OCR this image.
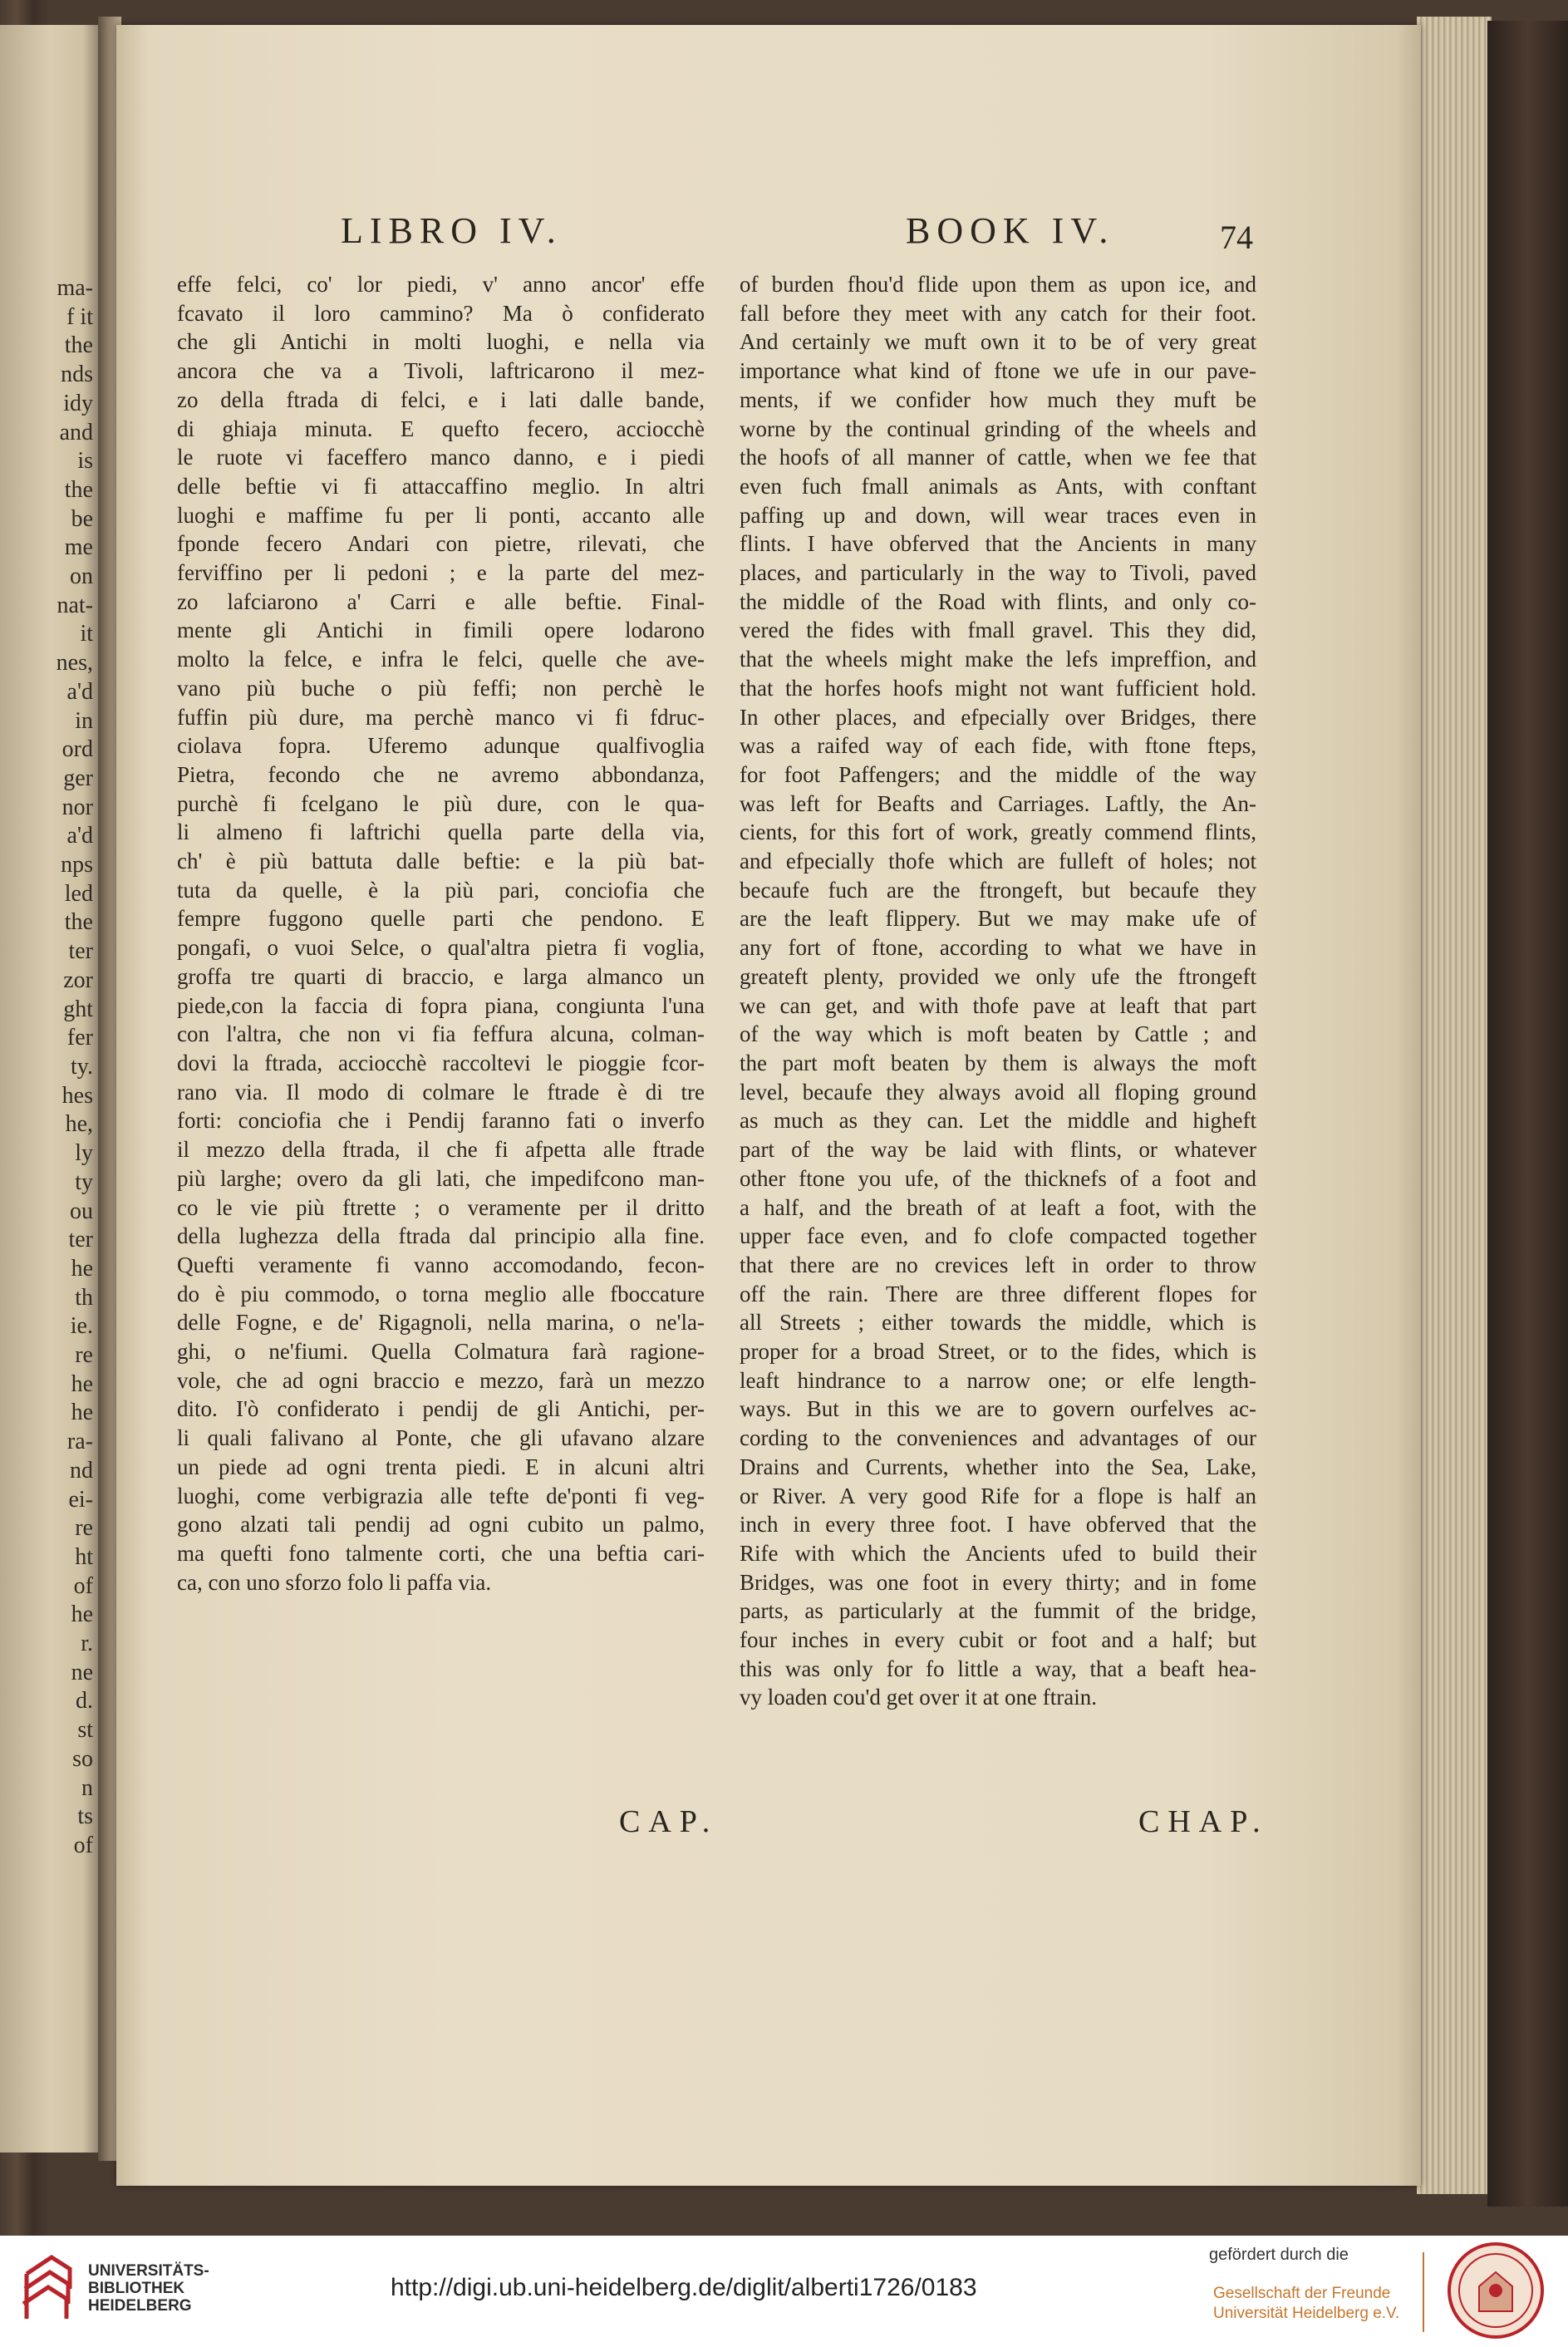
ma-
f it
the
nds
idy
and
is
the
be
me
on
nat-
it
nes,
a'd
in
ord
ger
nor
a'd
nps
led
the
ter
zor
ght
fer
ty.
hes
he,
ly
ty
ou
ter
he
th
ie.
re
he
he
ra-
nd
ei-
re
ht
of
he
r.
ne
d.
st
so
n
ts
of
LIBRO IV.	BOOK IV.	74
effe felci, co' lor piedi, v' anno ancor' effe
fcavato il loro cammino? Ma ò confiderato
che gli Antichi in molti luoghi, e nella via
ancora che va a Tivoli, laftricarono il mez-
zo della ftrada di felci, e i lati dalle bande,
di ghiaja minuta. E quefto fecero, acciocchè
le ruote vi faceffero manco danno, e i piedi
delle beftie vi fi attaccaffino meglio. In altri
luoghi e maffime fu per li ponti, accanto alle
fponde fecero Andari con pietre, rilevati, che
ferviffino per li pedoni ; e la parte del mez-
zo lafciarono a' Carri e alle beftie. Final-
mente gli Antichi in fimili opere lodarono
molto la felce, e infra le felci, quelle che ave-
vano più buche o più feffi; non perchè le
fuffin più dure, ma perchè manco vi fi fdruc-
ciolava fopra. Uferemo adunque qualfivoglia
Pietra, fecondo che ne avremo abbondanza,
purchè fi fcelgano le più dure, con le qua-
li almeno fi laftrichi quella parte della via,
ch' è più battuta dalle beftie: e la più bat-
tuta da quelle, è la più pari, conciofia che
fempre fuggono quelle parti che pendono. E
pongafi, o vuoi Selce, o qual'altra pietra fi voglia,
groffa tre quarti di braccio, e larga almanco un
piede,con la faccia di fopra piana, congiunta l'una
con l'altra, che non vi fia feffura alcuna, colman-
dovi la ftrada, acciocchè raccoltevi le pioggie fcor-
rano via. Il modo di colmare le ftrade è di tre
forti: conciofia che i Pendij faranno fati o inverfo
il mezzo della ftrada, il che fi afpetta alle ftrade
più larghe; overo da gli lati, che impedifcono man-
co le vie più ftrette ; o veramente per il dritto
della lughezza della ftrada dal principio alla fine.
Quefti veramente fi vanno accomodando, fecon-
do è piu commodo, o torna meglio alle fboccature
delle Fogne, e de' Rigagnoli, nella marina, o ne'la-
ghi, o ne'fiumi. Quella Colmatura farà ragione-
vole, che ad ogni braccio e mezzo, farà un mezzo
dito. I'ò confiderato i pendij de gli Antichi, per-
li quali falivano al Ponte, che gli ufavano alzare
un piede ad ogni trenta piedi. E in alcuni altri
luoghi, come verbigrazia alle tefte de'ponti fi veg-
gono alzati tali pendij ad ogni cubito un palmo,
ma quefti fono talmente corti, che una beftia cari-
ca, con uno sforzo folo li paffa via.
of burden fhou'd flide upon them as upon ice, and
fall before they meet with any catch for their foot.
And certainly we muft own it to be of very great
importance what kind of ftone we ufe in our pave-
ments, if we confider how much they muft be
worne by the continual grinding of the wheels and
the hoofs of all manner of cattle, when we fee that
even fuch fmall animals as Ants, with conftant
paffing up and down, will wear traces even in
flints. I have obferved that the Ancients in many
places, and particularly in the way to Tivoli, paved
the middle of the Road with flints, and only co-
vered the fides with fmall gravel. This they did,
that the wheels might make the lefs impreffion, and
that the horfes hoofs might not want fufficient hold.
In other places, and efpecially over Bridges, there
was a raifed way of each fide, with ftone fteps,
for foot Paffengers; and the middle of the way
was left for Beafts and Carriages. Laftly, the An-
cients, for this fort of work, greatly commend flints,
and efpecially thofe which are fulleft of holes; not
becaufe fuch are the ftrongeft, but becaufe they
are the leaft flippery. But we may make ufe of
any fort of ftone, according to what we have in
greateft plenty, provided we only ufe the ftrongeft
we can get, and with thofe pave at leaft that part
of the way which is moft beaten by Cattle ; and
the part moft beaten by them is always the moft
level, becaufe they always avoid all floping ground
as much as they can. Let the middle and higheft
part of the way be laid with flints, or whatever
other ftone you ufe, of the thicknefs of a foot and
a half, and the breath of at leaft a foot, with the
upper face even, and fo clofe compacted together
that there are no crevices left in order to throw
off the rain. There are three different flopes for
all Streets ; either towards the middle, which is
proper for a broad Street, or to the fides, which is
leaft hindrance to a narrow one; or elfe length-
ways. But in this we are to govern ourfelves ac-
cording to the conveniences and advantages of our
Drains and Currents, whether into the Sea, Lake,
or River. A very good Rife for a flope is half an
inch in every three foot. I have obferved that the
Rife with which the Ancients ufed to build their
Bridges, was one foot in every thirty; and in fome
parts, as particularly at the fummit of the bridge,
four inches in every cubit or foot and a half; but
this was only for fo little a way, that a beaft hea-
vy loaden cou'd get over it at one ftrain.
CAP.	CHAP.
UNIVERSITÄTS-
BIBLIOTHEK
HEIDELBERG
http://digi.ub.uni-heidelberg.de/diglit/alberti1726/0183
gefördert durch die
Gesellschaft der Freunde
Universität Heidelberg e.V.
